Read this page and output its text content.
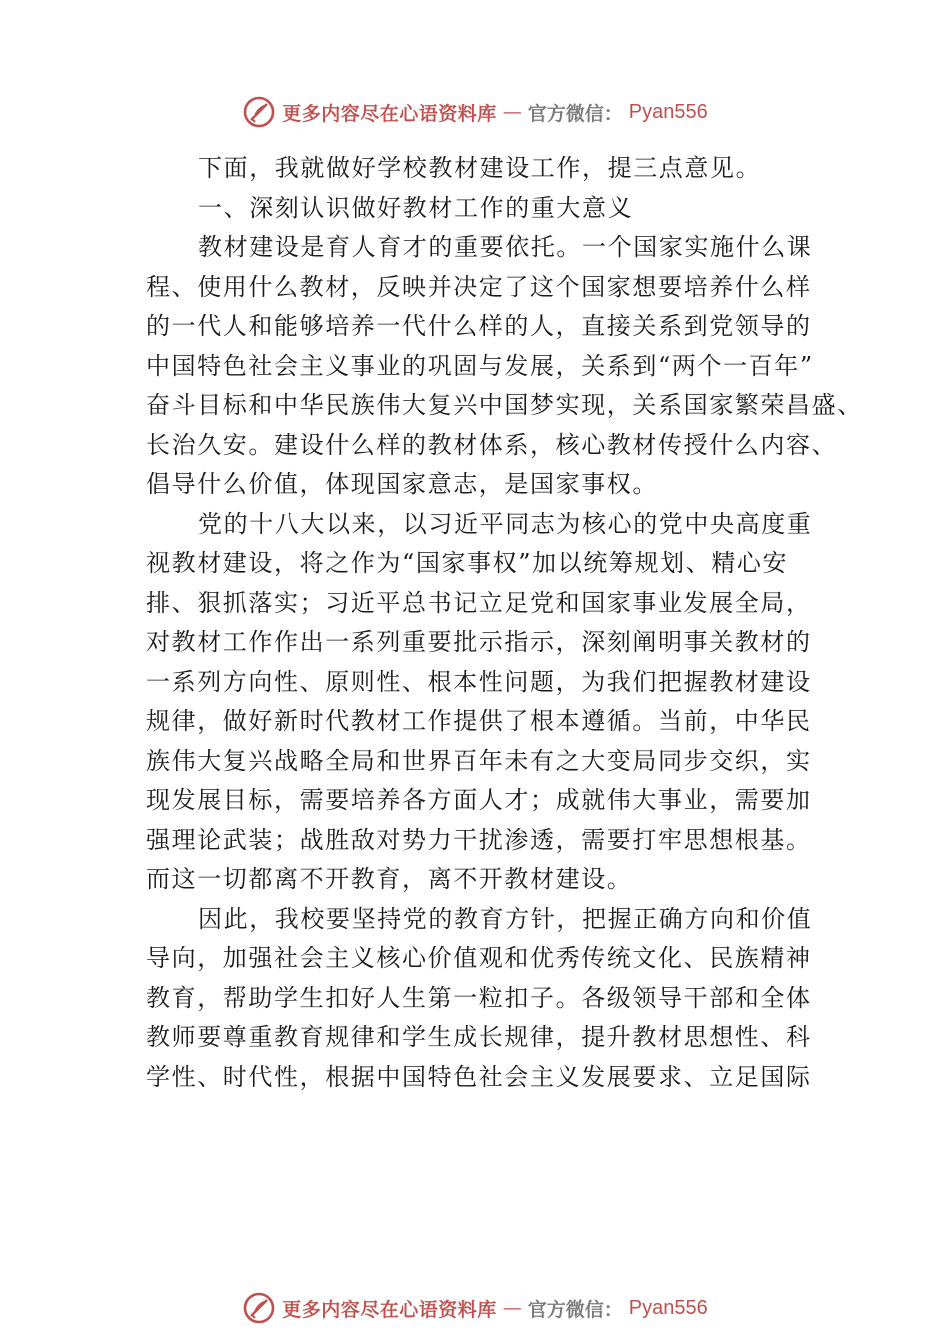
更多内容尽在心语资料库 — 官方微信： Pyan556
下面，我就做好学校教材建设工作，提三点意见。
一、深刻认识做好教材工作的重大意义
教材建设是育人育才的重要依托。一个国家实施什么课
程、使用什么教材，反映并决定了这个国家想要培养什么样
的一代人和能够培养一代什么样的人，直接关系到党领导的
中国特色社会主义事业的巩固与发展，关系到“两个一百年”
奋斗目标和中华民族伟大复兴中国梦实现，关系国家繁荣昌盛、
长治久安。建设什么样的教材体系，核心教材传授什么内容、
倡导什么价值，体现国家意志，是国家事权。
党的十八大以来，以习近平同志为核心的党中央高度重
视教材建设，将之作为“国家事权”加以统筹规划、精心安
排、狠抓落实；习近平总书记立足党和国家事业发展全局，
对教材工作作出一系列重要批示指示，深刻阐明事关教材的
一系列方向性、原则性、根本性问题，为我们把握教材建设
规律，做好新时代教材工作提供了根本遵循。当前，中华民
族伟大复兴战略全局和世界百年未有之大变局同步交织，实
现发展目标，需要培养各方面人才；成就伟大事业，需要加
强理论武装；战胜敌对势力干扰渗透，需要打牢思想根基。
而这一切都离不开教育，离不开教材建设。
因此，我校要坚持党的教育方针，把握正确方向和价值
导向，加强社会主义核心价值观和优秀传统文化、民族精神
教育，帮助学生扣好人生第一粒扣子。各级领导干部和全体
教师要尊重教育规律和学生成长规律，提升教材思想性、科
学性、时代性，根据中国特色社会主义发展要求、立足国际
更多内容尽在心语资料库 — 官方微信： Pyan556
